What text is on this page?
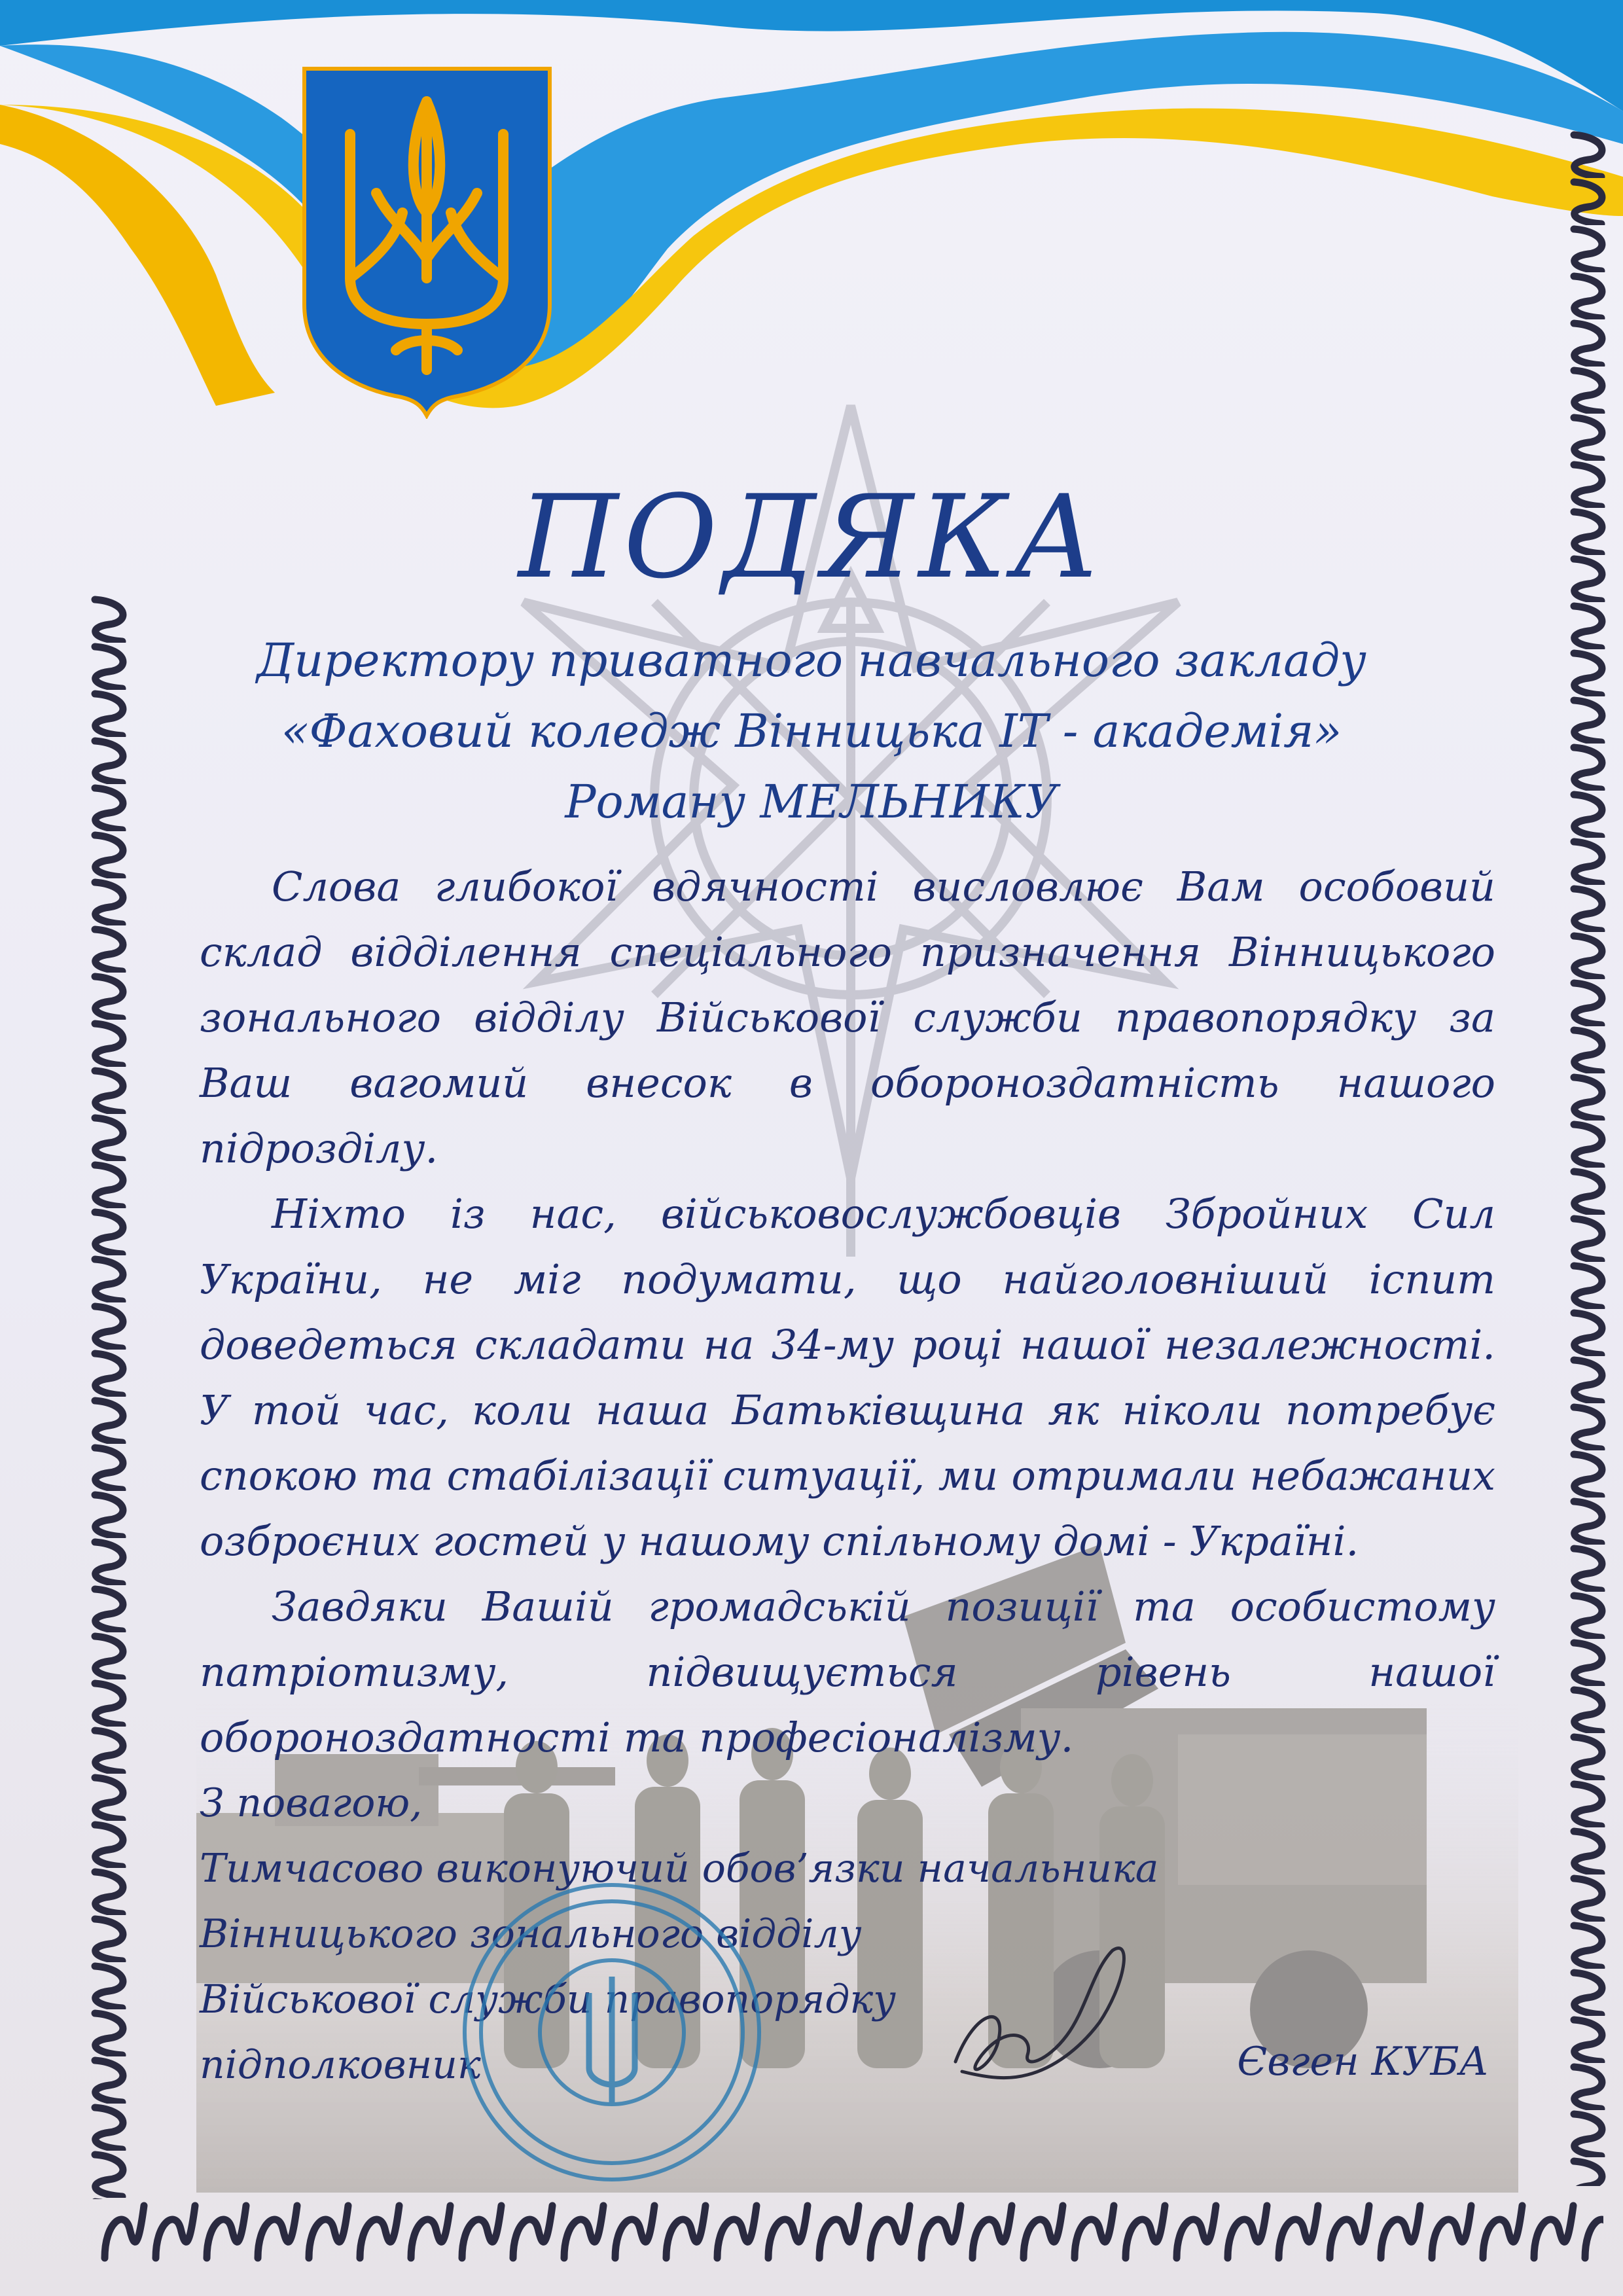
ПОДЯКА
Директору приватного навчального закладу
«Фаховий коледж Вінницька ІТ - академія»
Роману МЕЛЬНИКУ

Слова глибокої вдячності висловлює Вам особовий склад відділення спеціального призначення Вінницького зонального відділу Військової служби правопорядку за Ваш вагомий внесок в обороноздатність нашого підрозділу.

Ніхто із нас, військовослужбовців Збройних Сил України, не міг подумати, що найголовніший іспит доведеться складати на 34-му році нашої незалежності. У той час, коли наша Батьківщина як ніколи потребує спокою та стабілізації ситуації, ми отримали небажаних озброєних гостей у нашому спільному домі - Україні.

Завдяки Вашій громадській позиції та особистому патріотизму, підвищується рівень нашої обороноздатності та професіоналізму.

З повагою,
Тимчасово виконуючий обов’язки начальника
Вінницького зонального відділу
Військової служби правопорядку
підполковник	Євген КУБА
